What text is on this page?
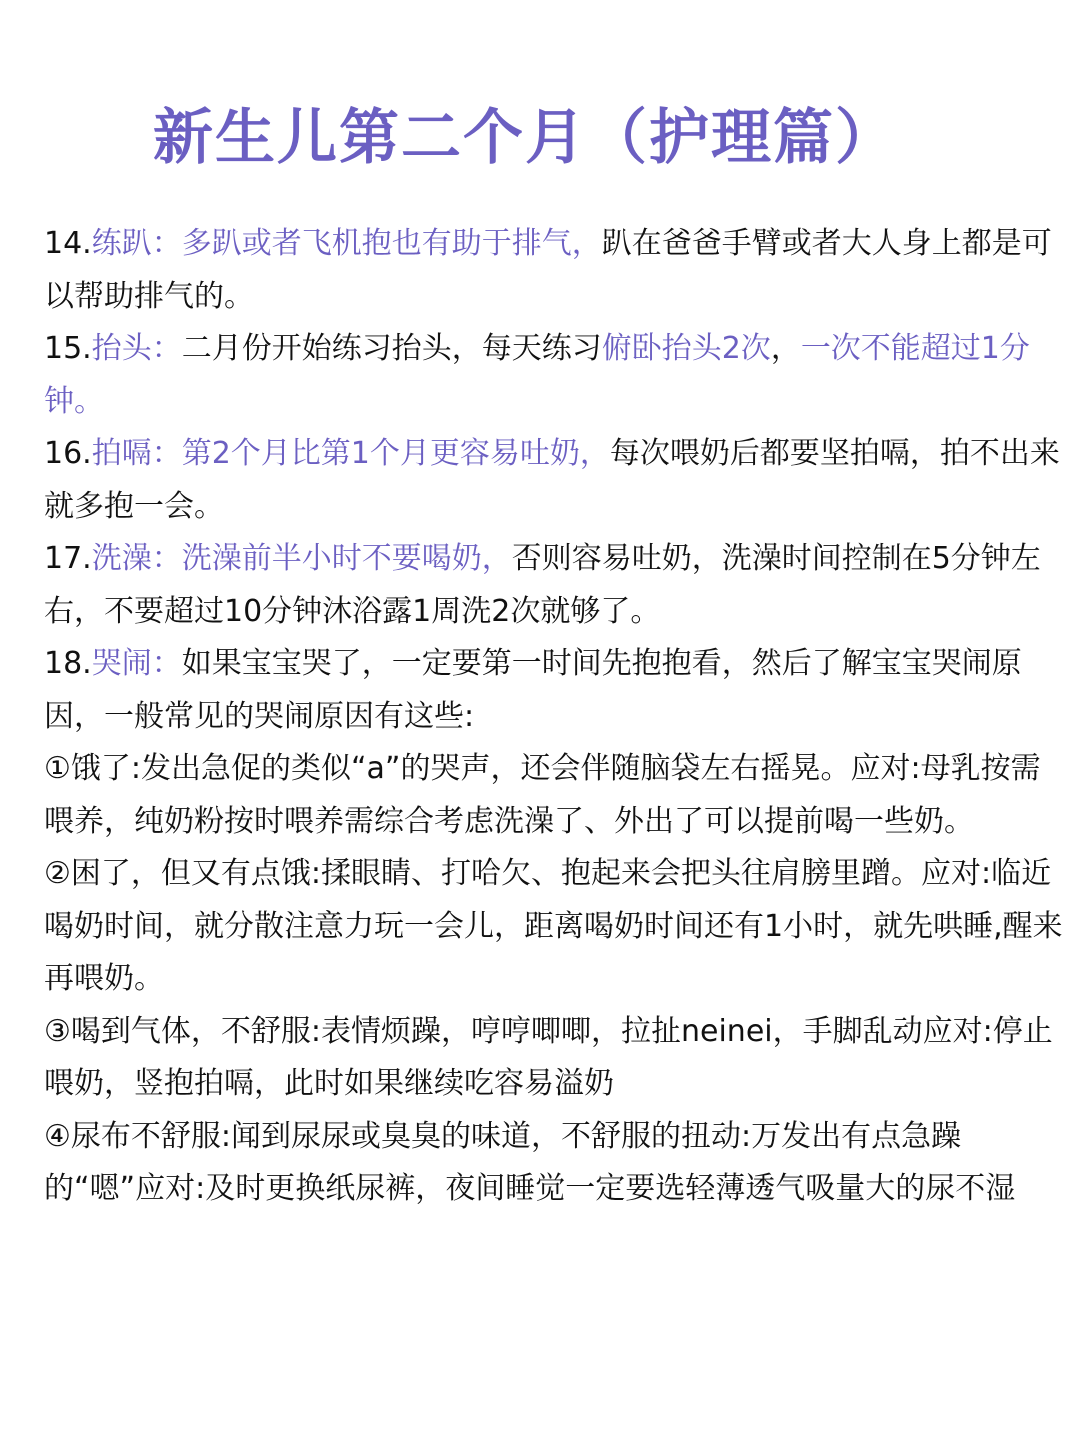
新生儿第二个月（护理篇）

14.练趴：多趴或者飞机抱也有助于排气，趴在爸爸手臂或者大人身上都是可以帮助排气的。

15.抬头：二月份开始练习抬头，每天练习俯卧抬头2次，一次不能超过1分钟。

16.拍嗝：第2个月比第1个月更容易吐奶，每次喂奶后都要坚拍嗝，拍不出来就多抱一会。

17.洗澡：洗澡前半小时不要喝奶，否则容易吐奶，洗澡时间控制在5分钟左右，不要超过10分钟沐浴露1周洗2次就够了。

18.哭闹：如果宝宝哭了，一定要第一时间先抱抱看，然后了解宝宝哭闹原因，一般常见的哭闹原因有这些:

①饿了:发出急促的类似“a”的哭声，还会伴随脑袋左右摇晃。应对:母乳按需喂养，纯奶粉按时喂养需综合考虑洗澡了、外出了可以提前喝一些奶。

②困了，但又有点饿:揉眼睛、打哈欠、抱起来会把头往肩膀里蹭。应对:临近喝奶时间，就分散注意力玩一会儿，距离喝奶时间还有1小时，就先哄睡,醒来再喂奶。

③喝到气体，不舒服:表情烦躁，哼哼唧唧，拉扯neinei，手脚乱动应对:停止喂奶，竖抱拍嗝，此时如果继续吃容易溢奶

④尿布不舒服:闻到尿尿或臭臭的味道，不舒服的扭动:万发出有点急躁的“嗯”应对:及时更换纸尿裤，夜间睡觉一定要选轻薄透气吸量大的尿不湿
